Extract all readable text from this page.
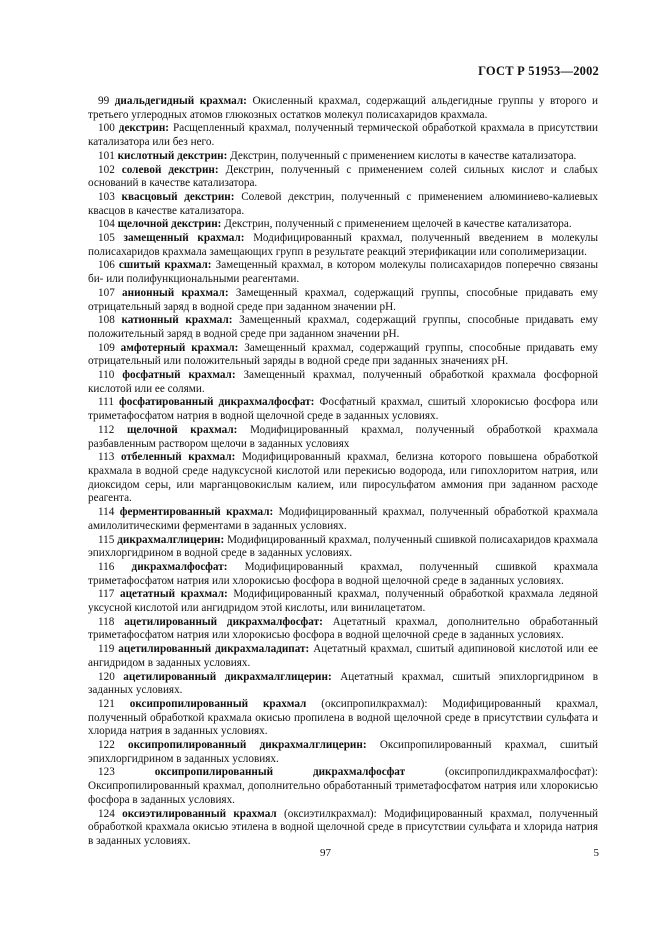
ГОСТ Р 51953—2002

99 диальдегидный крахмал: Окисленный крахмал, содержащий альдегидные группы у второго и третьего углеродных атомов глюкозных остатков молекул полисахаридов крахмала.

100 декстрин: Расщепленный крахмал, полученный термической обработкой крахмала в присутствии катализатора или без него.

101 кислотный декстрин: Декстрин, полученный с применением кислоты в качестве катализатора.

102 солевой декстрин: Декстрин, полученный с применением солей сильных кислот и слабых оснований в качестве катализатора.

103 квасцовый декстрин: Солевой декстрин, полученный с применением алюминиево-калиевых квасцов в качестве катализатора.

104 щелочной декстрин: Декстрин, полученный с применением щелочей в качестве катализатора.

105 замещенный крахмал: Модифицированный крахмал, полученный введением в молекулы полисахаридов крахмала замещающих групп в результате реакций этерификации или сополимеризации.

106 сшитый крахмал: Замещенный крахмал, в котором молекулы полисахаридов поперечно связаны би- или полифункциональными реагентами.

107 анионный крахмал: Замещенный крахмал, содержащий группы, способные придавать ему отрицательный заряд в водной среде при заданном значении pH.

108 катионный крахмал: Замещенный крахмал, содержащий группы, способные придавать ему положительный заряд в водной среде при заданном значении pH.

109 амфотерный крахмал: Замещенный крахмал, содержащий группы, способные придавать ему отрицательный или положительный заряды в водной среде при заданных значениях pH.

110 фосфатный крахмал: Замещенный крахмал, полученный обработкой крахмала фосфорной кислотой или ее солями.

111 фосфатированный дикрахмалфосфат: Фосфатный крахмал, сшитый хлорокисью фосфора или триметафосфатом натрия в водной щелочной среде в заданных условиях.

112 щелочной крахмал: Модифицированный крахмал, полученный обработкой крахмала разбавленным раствором щелочи в заданных условиях

113 отбеленный крахмал: Модифицированный крахмал, белизна которого повышена обработкой крахмала в водной среде надуксусной кислотой или перекисью водорода, или гипохлоритом натрия, или диоксидом серы, или марганцовокислым калием, или пиросульфатом аммония при заданном расходе реагента.

114 ферментированный крахмал: Модифицированный крахмал, полученный обработкой крахмала амилолитическими ферментами в заданных условиях.

115 дикрахмалглицерин: Модифицированный крахмал, полученный сшивкой полисахаридов крахмала эпихлоргидрином в водной среде в заданных условиях.

116 дикрахмалфосфат: Модифицированный крахмал, полученный сшивкой крахмала триметафосфатом натрия или хлорокисью фосфора в водной щелочной среде в заданных условиях.

117 ацетатный крахмал: Модифицированный крахмал, полученный обработкой крахмала ледяной уксусной кислотой или ангидридом этой кислоты, или винилацетатом.

118 ацетилированный дикрахмалфосфат: Ацетатный крахмал, дополнительно обработанный триметафосфатом натрия или хлорокисью фосфора в водной щелочной среде в заданных условиях.

119 ацетилированный дикрахмаладипат: Ацетатный крахмал, сшитый адипиновой кислотой или ее ангидридом в заданных условиях.

120 ацетилированный дикрахмалглицерин: Ацетатный крахмал, сшитый эпихлоргидрином в заданных условиях.

121 оксипропилированный крахмал (оксипропилкрахмал): Модифицированный крахмал, полученный обработкой крахмала окисью пропилена в водной щелочной среде в присутствии сульфата и хлорида натрия в заданных условиях.

122 оксипропилированный дикрахмалглицерин: Оксипропилированный крахмал, сшитый эпихлоргидрином в заданных условиях.

123	оксипропилированный дикрахмалфосфат	(оксипропилдикрахмалфосфат): Оксипропилированный крахмал, дополнительно обработанный триметафосфатом натрия или хлорокисью фосфора в заданных условиях.

124 оксиэтилированный крахмал (оксиэтилкрахмал): Модифицированный крахмал, полученный обработкой крахмала окисью этилена в водной щелочной среде в присутствии сульфата и хлорида натрия в заданных условиях.

97	5
